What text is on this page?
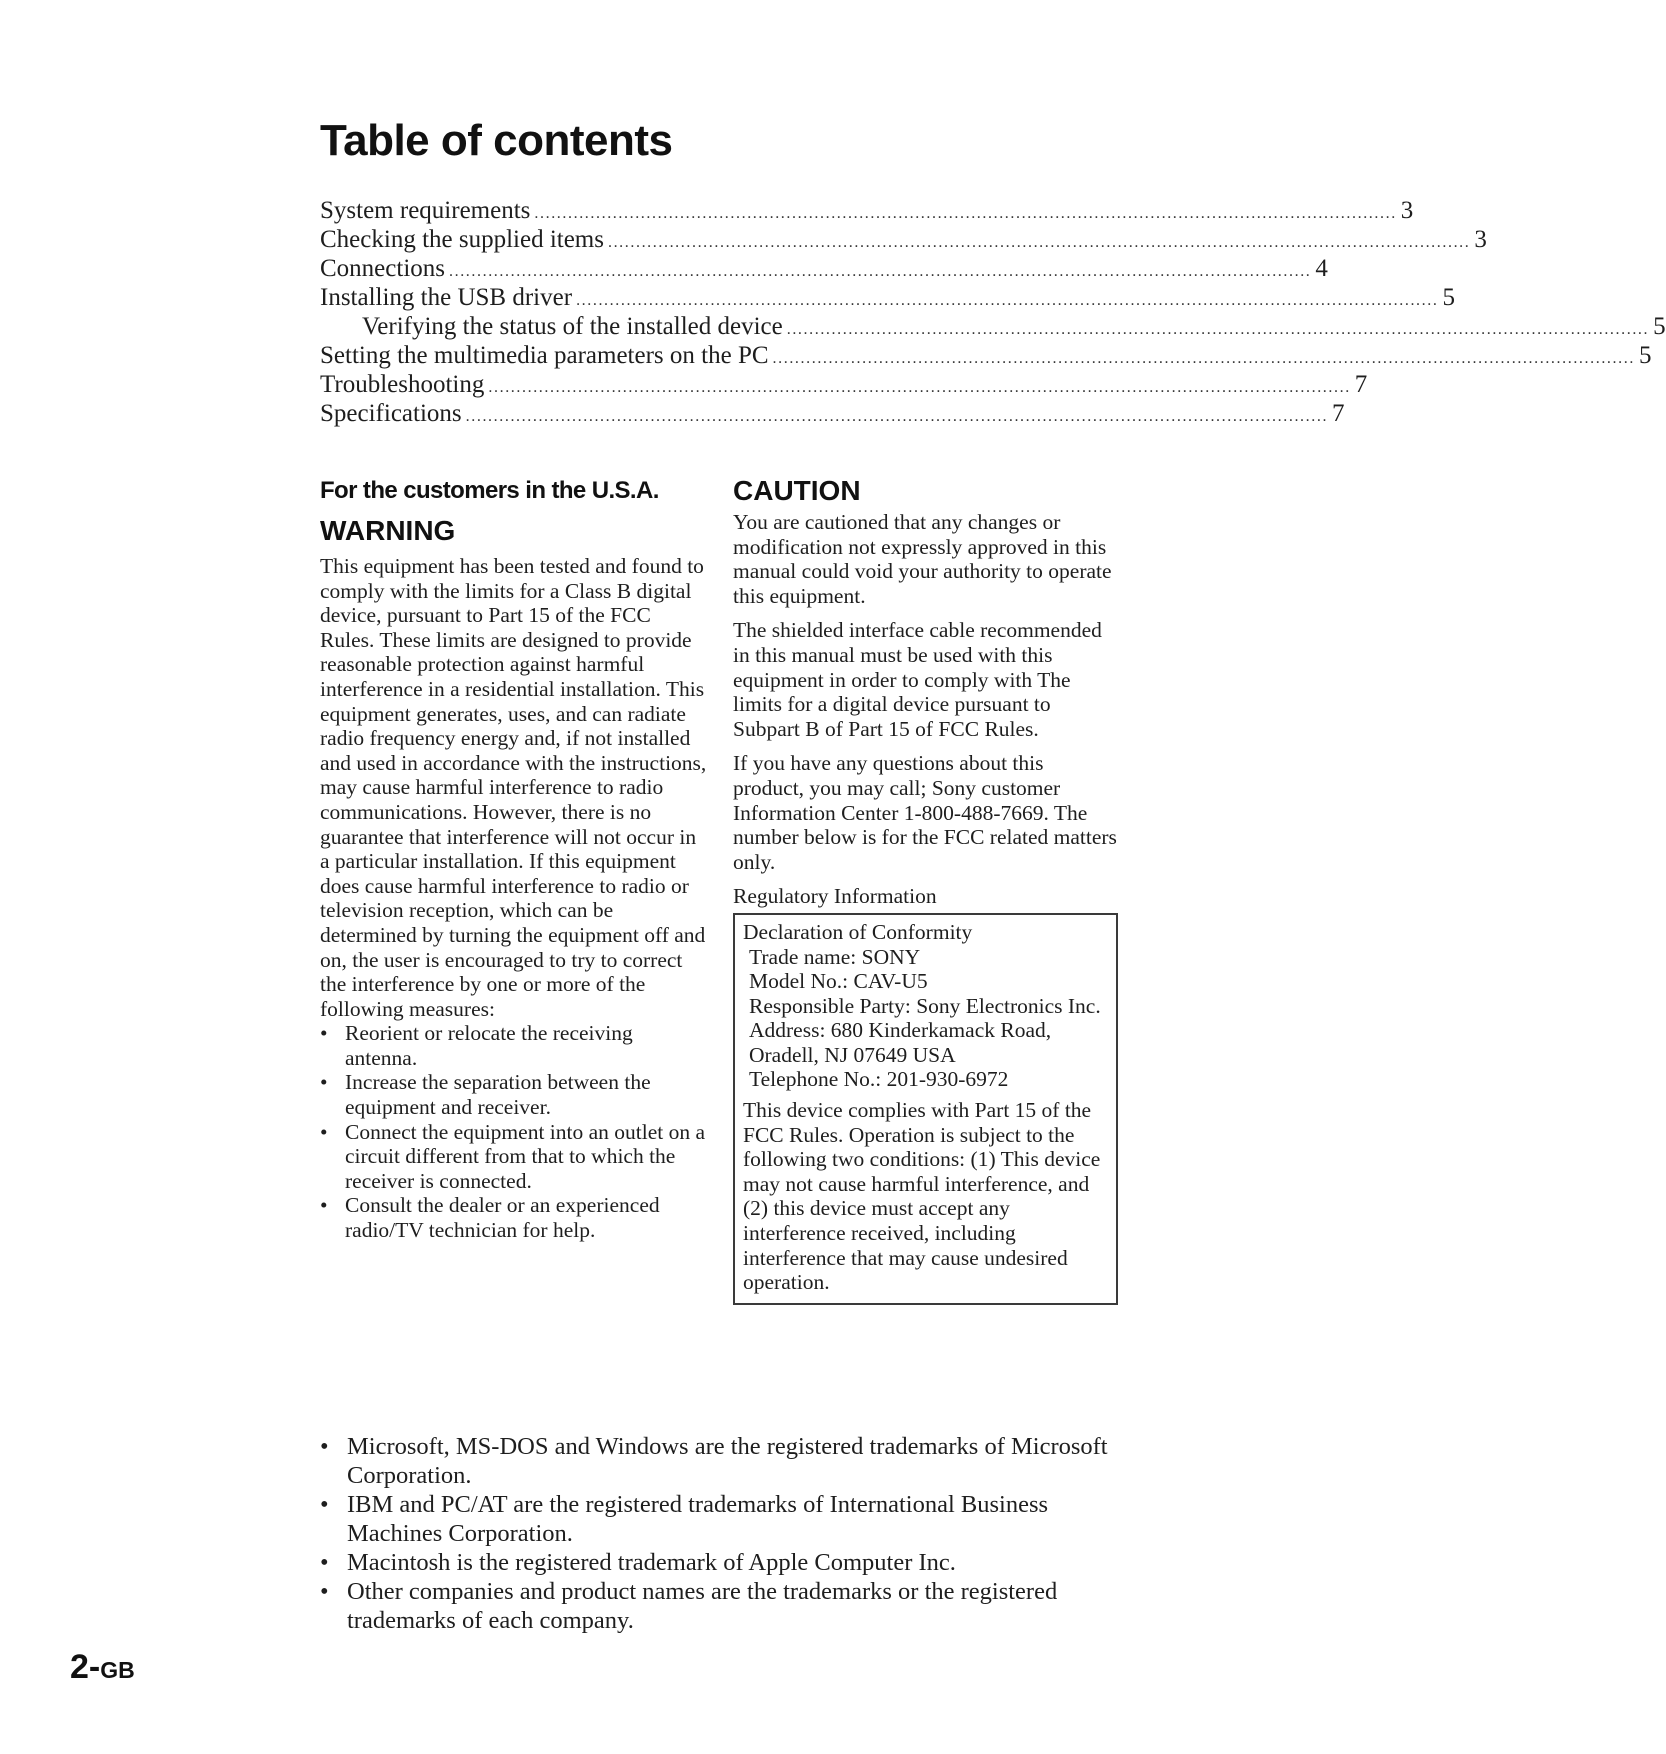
Table of contents
System requirements .......................................................................................................................................................... 3
Checking the supplied items .......................................................................................................................................................... 3
Connections .......................................................................................................................................................... 4
Installing the USB driver .......................................................................................................................................................... 5
Verifying the status of the installed device .......................................................................................................................................................... 5
Setting the multimedia parameters on the PC .......................................................................................................................................................... 5
Troubleshooting .......................................................................................................................................................... 7
Specifications .......................................................................................................................................................... 7
For the customers in the U.S.A.
WARNING

This equipment has been tested and found to comply with the limits for a Class B digital device, pursuant to Part 15 of the FCC Rules. These limits are designed to provide reasonable protection against harmful interference in a residential installation. This equipment generates, uses, and can radiate radio frequency energy and, if not installed and used in accordance with the instructions, may cause harmful interference to radio communications. However, there is no guarantee that interference will not occur in a particular installation. If this equipment does cause harmful interference to radio or television reception, which can be determined by turning the equipment off and on, the user is encouraged to try to correct the interference by one or more of the following measures:

• Reorient or relocate the receiving antenna.
• Increase the separation between the equipment and receiver.
• Connect the equipment into an outlet on a circuit different from that to which the receiver is connected.
• Consult the dealer or an experienced radio/TV technician for help.
CAUTION

You are cautioned that any changes or modification not expressly approved in this manual could void your authority to operate this equipment.

The shielded interface cable recommended in this manual must be used with this equipment in order to comply with The limits for a digital device pursuant to Subpart B of Part 15 of FCC Rules.

If you have any questions about this product, you may call; Sony customer Information Center 1-800-488-7669. The number below is for the FCC related matters only.

Regulatory Information

Declaration of Conformity

Trade name: SONY

Model No.: CAV-U5

Responsible Party: Sony Electronics Inc.

Address: 680 Kinderkamack Road, Oradell, NJ 07649 USA

Telephone No.: 201-930-6972

This device complies with Part 15 of the FCC Rules. Operation is subject to the following two conditions: (1) This device may not cause harmful interference, and (2) this device must accept any interference received, including interference that may cause undesired operation.

• Microsoft, MS-DOS and Windows are the registered trademarks of Microsoft Corporation.
• IBM and PC/AT are the registered trademarks of International Business Machines Corporation.
• Macintosh is the registered trademark of Apple Computer Inc.
• Other companies and product names are the trademarks or the registered trademarks of each company.

2-GB
